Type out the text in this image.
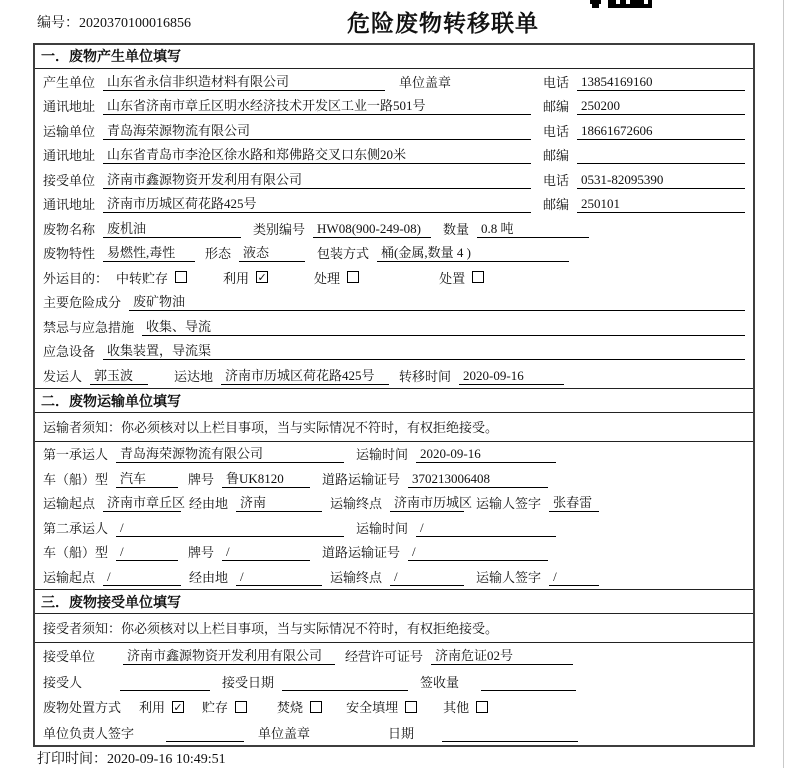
编号：2020370100016856	危险废物转移联单
一．废物产生单位填写
产生单位 山东省永信非织造材料有限公司	单位盖章	电话 13854169160
通讯地址 山东省济南市章丘区明水经济技术开发区工业一路501号	邮编 250200
运输单位 青岛海荣源物流有限公司	电话 18661672606
通讯地址 山东省青岛市李沧区徐水路和郑佛路交叉口东侧20米	邮编
接受单位 济南市鑫源物资开发利用有限公司	电话 0531-82095390
通讯地址 济南市历城区荷花路425号	邮编 250101
废物名称 废机油	类别编号 HW08(900-249-08)	数量 0.8 吨
废物特性 易燃性,毒性	形态 液态	包装方式 桶(金属,数量 4 )
外运目的： 中转贮存	利用 ✓	处理	处置
主要危险成分 废矿物油
禁忌与应急措施 收集、导流
应急设备 收集装置，导流渠
发运人 郭玉波	运达地 济南市历城区荷花路425号	转移时间 2020-09-16
二．废物运输单位填写
运输者须知：你必须核对以上栏目事项，当与实际情况不符时，有权拒绝接受。
第一承运人 青岛海荣源物流有限公司	运输时间 2020-09-16
车（船）型 汽车	牌号 鲁UK8120	道路运输证号 370213006408
运输起点 济南市章丘区 经由地 济南	运输终点 济南市历城区 运输人签字 张春雷
第二承运人 /	运输时间 /
车（船）型 /	牌号 /	道路运输证号 /
运输起点 /	经由地 /	运输终点 /	运输人签字 /
三．废物接受单位填写
接受者须知：你必须核对以上栏目事项，当与实际情况不符时，有权拒绝接受。
接受单位	济南市鑫源物资开发利用有限公司	经营许可证号 济南危证02号
接受人	接受日期	签收量
废物处置方式 利用 ✓ 贮存	焚烧	安全填埋	其他
单位负责人签字	单位盖章	日期
打印时间：2020-09-16 10:49:51
